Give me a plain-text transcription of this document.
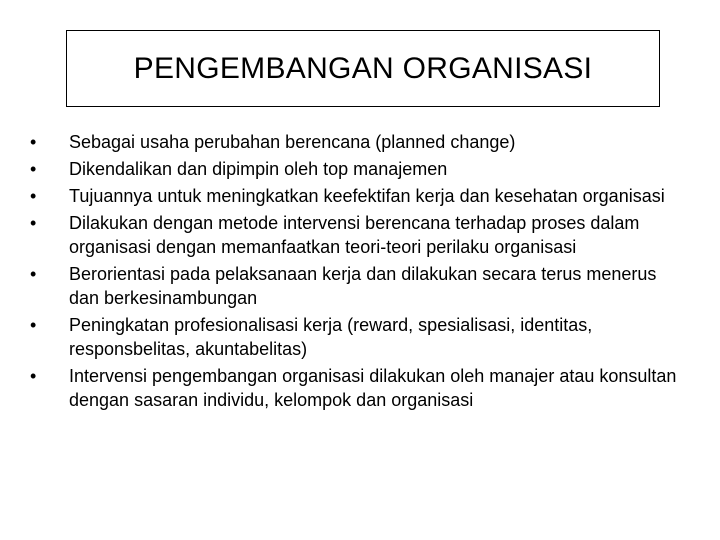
PENGEMBANGAN ORGANISASI
•	Sebagai usaha perubahan berencana (planned change)
•	Dikendalikan dan dipimpin oleh top manajemen
•	Tujuannya untuk meningkatkan keefektifan kerja dan kesehatan organisasi
•	Dilakukan dengan metode intervensi berencana terhadap proses dalam organisasi dengan memanfaatkan teori-teori perilaku organisasi
•	Berorientasi pada pelaksanaan kerja dan dilakukan secara terus menerus dan berkesinambungan
•	Peningkatan profesionalisasi kerja (reward, spesialisasi, identitas, responsbelitas, akuntabelitas)
•	Intervensi pengembangan organisasi dilakukan oleh manajer atau konsultan dengan sasaran individu, kelompok dan organisasi
